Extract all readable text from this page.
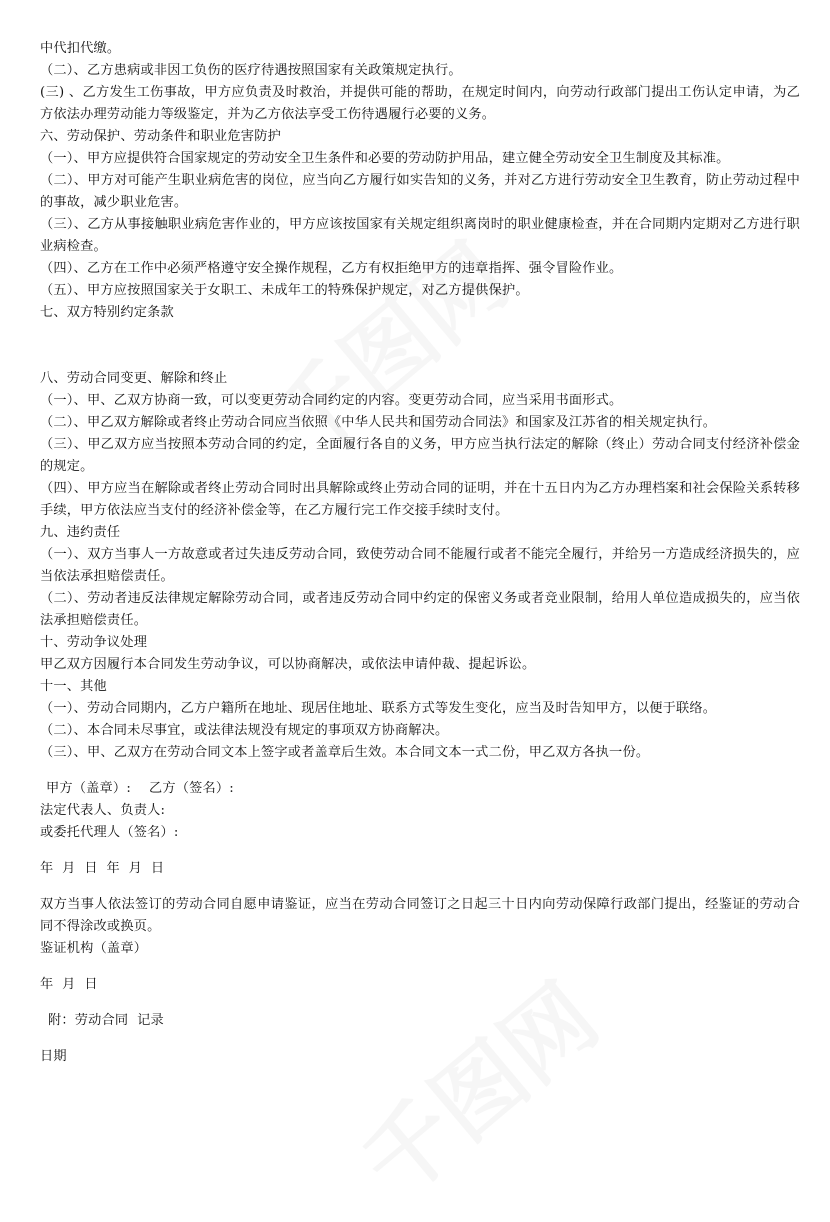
中代扣代缴。

（二）、乙方患病或非因工负伤的医疗待遇按照国家有关政策规定执行。

(三) 、乙方发生工伤事故，甲方应负责及时救治，并提供可能的帮助，在规定时间内，向劳动行政部门提出工伤认定申请，为乙方依法办理劳动能力等级鉴定，并为乙方依法享受工伤待遇履行必要的义务。

六、劳动保护、劳动条件和职业危害防护

（一）、甲方应提供符合国家规定的劳动安全卫生条件和必要的劳动防护用品，建立健全劳动安全卫生制度及其标准。

（二）、甲方对可能产生职业病危害的岗位，应当向乙方履行如实告知的义务，并对乙方进行劳动安全卫生教育，防止劳动过程中的事故，减少职业危害。

（三）、乙方从事接触职业病危害作业的，甲方应该按国家有关规定组织离岗时的职业健康检查，并在合同期内定期对乙方进行职业病检查。

（四）、乙方在工作中必须严格遵守安全操作规程，乙方有权拒绝甲方的违章指挥、强令冒险作业。

（五）、甲方应按照国家关于女职工、未成年工的特殊保护规定，对乙方提供保护。

七、双方特别约定条款

八、劳动合同变更、解除和终止

（一）、甲、乙双方协商一致，可以变更劳动合同约定的内容。变更劳动合同，应当采用书面形式。

（二）、甲乙双方解除或者终止劳动合同应当依照《中华人民共和国劳动合同法》和国家及江苏省的相关规定执行。

（三）、甲乙双方应当按照本劳动合同的约定，全面履行各自的义务，甲方应当执行法定的解除（终止）劳动合同支付经济补偿金的规定。

（四）、甲方应当在解除或者终止劳动合同时出具解除或终止劳动合同的证明，并在十五日内为乙方办理档案和社会保险关系转移手续，甲方依法应当支付的经济补偿金等，在乙方履行完工作交接手续时支付。

九、违约责任

（一）、双方当事人一方故意或者过失违反劳动合同，致使劳动合同不能履行或者不能完全履行，并给另一方造成经济损失的，应当依法承担赔偿责任。

（二）、劳动者违反法律规定解除劳动合同，或者违反劳动合同中约定的保密义务或者竞业限制，给用人单位造成损失的，应当依法承担赔偿责任。

十、劳动争议处理

甲乙双方因履行本合同发生劳动争议，可以协商解决，或依法申请仲裁、提起诉讼。

十一、其他

（一）、劳动合同期内，乙方户籍所在地址、现居住地址、联系方式等发生变化，应当及时告知甲方，以便于联络。

（二）、本合同未尽事宜，或法律法规没有规定的事项双方协商解决。

（三）、甲、乙双方在劳动合同文本上签字或者盖章后生效。本合同文本一式二份，甲乙双方各执一份。

甲方（盖章）: 乙方（签名）:

法定代表人、负责人:

或委托代理人（签名）:

年  月  日  年  月  日

双方当事人依法签订的劳动合同自愿申请鉴证，应当在劳动合同签订之日起三十日内向劳动保障行政部门提出，经鉴证的劳动合同不得涂改或换页。

鉴证机构（盖章）

年  月  日

附：劳动合同  记录

日期
